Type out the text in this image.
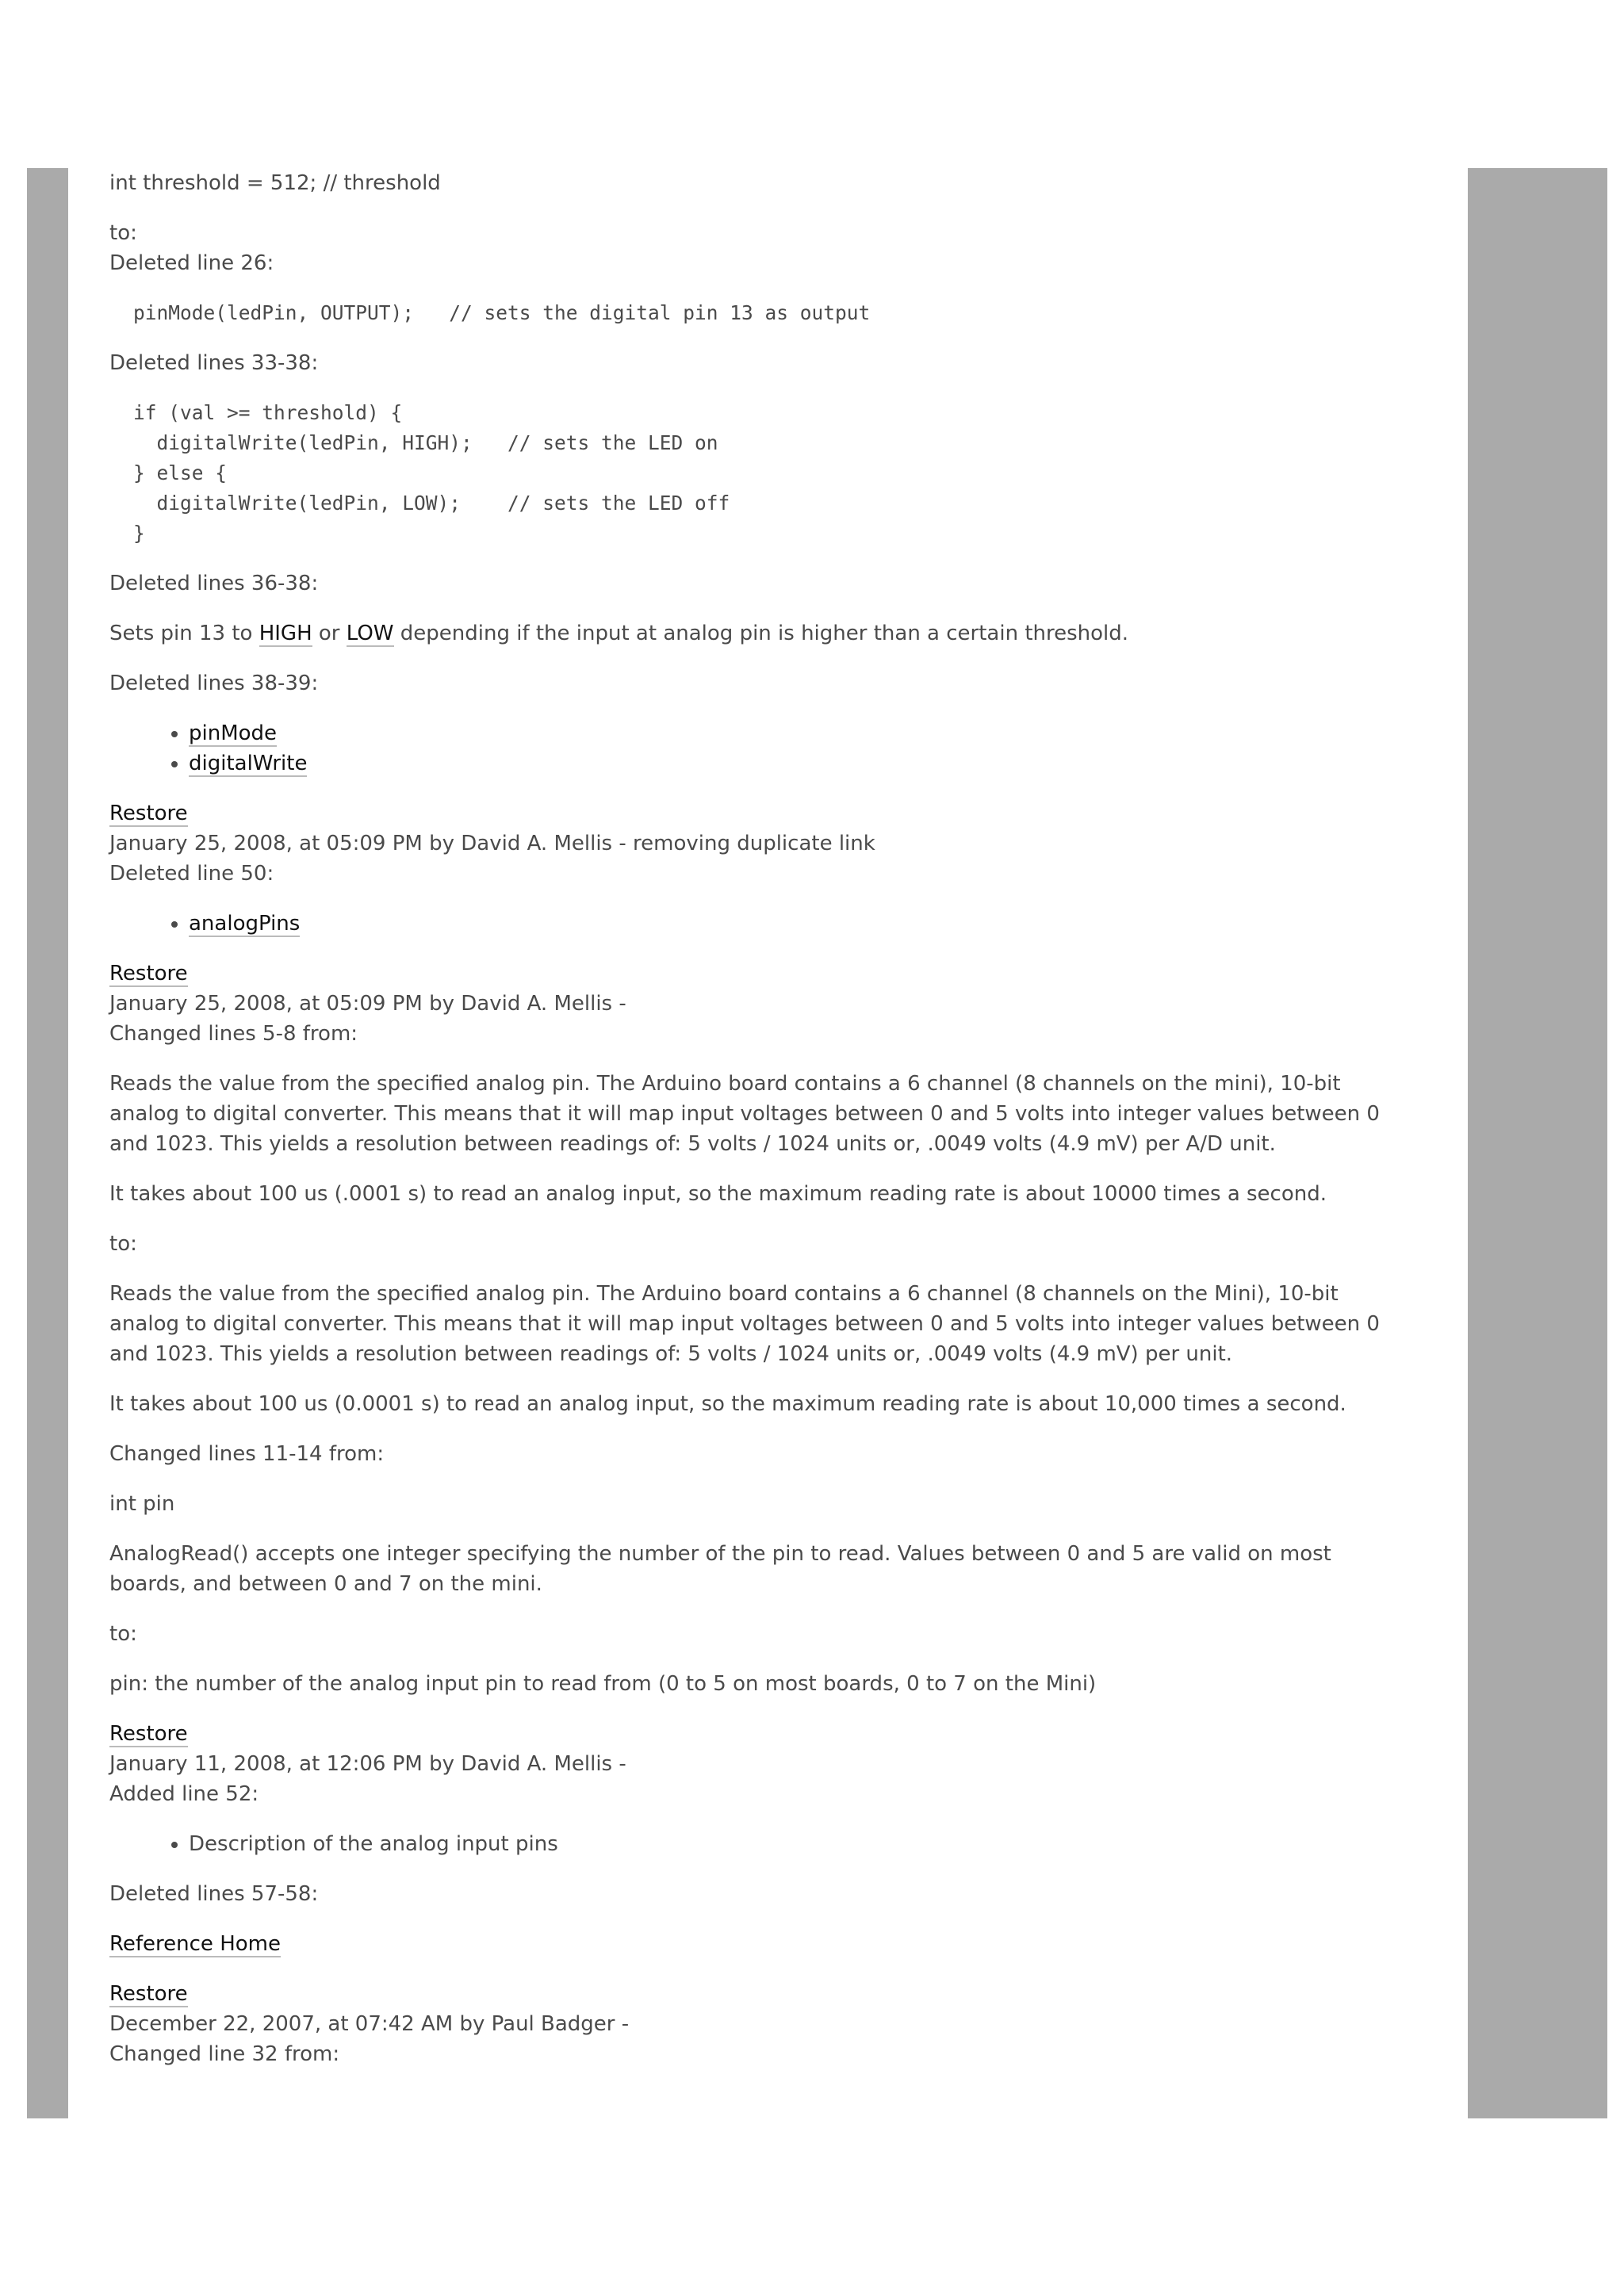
int threshold = 512; // threshold

to:

Deleted line 26:

pinMode(ledPin, OUTPUT);   // sets the digital pin 13 as output

Deleted lines 33-38:

if (val >= threshold) {
digitalWrite(ledPin, HIGH);   // sets the LED on
} else {
digitalWrite(ledPin, LOW);    // sets the LED off
}

Deleted lines 36-38:

Sets pin 13 to HIGH or LOW depending if the input at analog pin is higher than a certain threshold.

Deleted lines 38-39:

• pinMode
• digitalWrite

Restore

January 25, 2008, at 05:09 PM by David A. Mellis - removing duplicate link

Deleted line 50:

• analogPins

Restore

January 25, 2008, at 05:09 PM by David A. Mellis -

Changed lines 5-8 from:

Reads the value from the specified analog pin. The Arduino board contains a 6 channel (8 channels on the mini), 10-bit analog to digital converter. This means that it will map input voltages between 0 and 5 volts into integer values between 0 and 1023. This yields a resolution between readings of: 5 volts / 1024 units or, .0049 volts (4.9 mV) per A/D unit.

It takes about 100 us (.0001 s) to read an analog input, so the maximum reading rate is about 10000 times a second.

to:

Reads the value from the specified analog pin. The Arduino board contains a 6 channel (8 channels on the Mini), 10-bit analog to digital converter. This means that it will map input voltages between 0 and 5 volts into integer values between 0 and 1023. This yields a resolution between readings of: 5 volts / 1024 units or, .0049 volts (4.9 mV) per unit.

It takes about 100 us (0.0001 s) to read an analog input, so the maximum reading rate is about 10,000 times a second.

Changed lines 11-14 from:

int pin

AnalogRead() accepts one integer specifying the number of the pin to read. Values between 0 and 5 are valid on most boards, and between 0 and 7 on the mini.

to:

pin: the number of the analog input pin to read from (0 to 5 on most boards, 0 to 7 on the Mini)

Restore

January 11, 2008, at 12:06 PM by David A. Mellis -

Added line 52:

• Description of the analog input pins

Deleted lines 57-58:

Reference Home

Restore

December 22, 2007, at 07:42 AM by Paul Badger -

Changed line 32 from:
